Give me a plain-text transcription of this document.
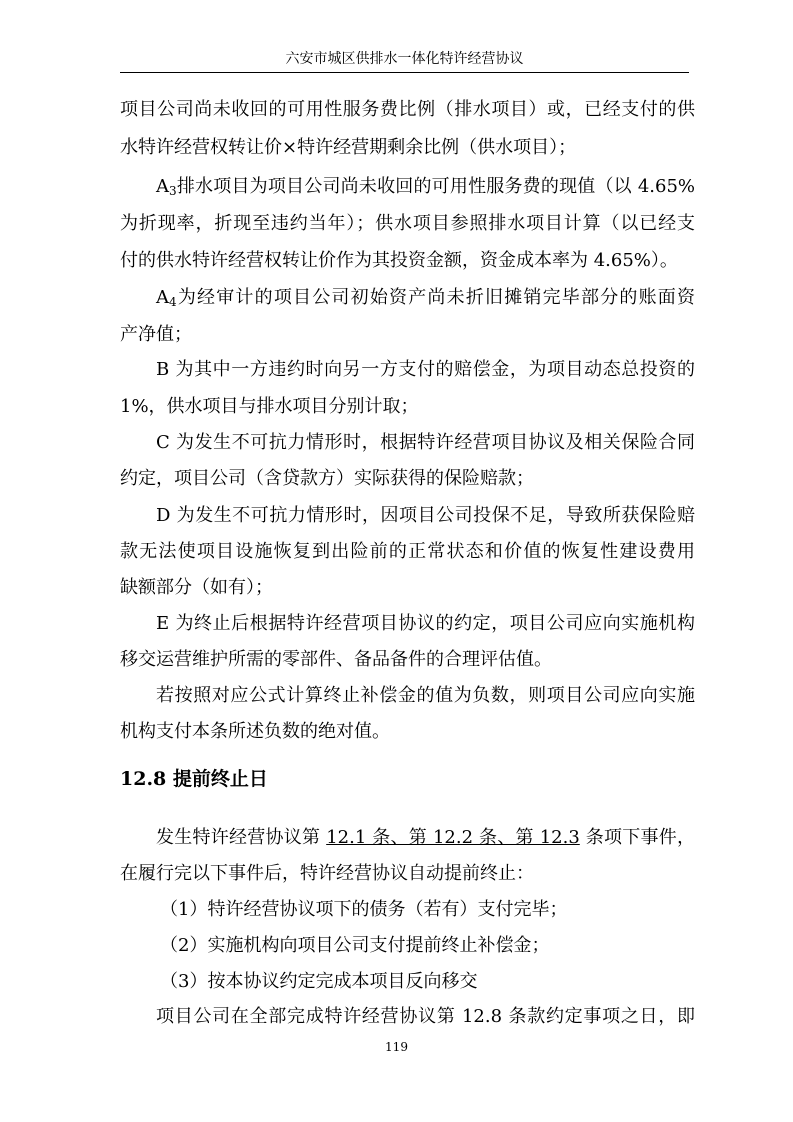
六安市城区供排水一体化特许经营协议
项目公司尚未收回的可用性服务费比例（排水项目）或，已经支付的供
水特许经营权转让价×特许经营期剩余比例（供水项目）；
$A_3$排水项目为项目公司尚未收回的可用性服务费的现值（以 4.65%
为折现率，折现至违约当年）；供水项目参照排水项目计算（以已经支
付的供水特许经营权转让价作为其投资金额，资金成本率为 4.65%）。
$A_4$为经审计的项目公司初始资产尚未折旧摊销完毕部分的账面资
产净值；
B 为其中一方违约时向另一方支付的赔偿金，为项目动态总投资的
1%，供水项目与排水项目分别计取；
C 为发生不可抗力情形时，根据特许经营项目协议及相关保险合同
约定，项目公司（含贷款方）实际获得的保险赔款；
D 为发生不可抗力情形时，因项目公司投保不足，导致所获保险赔
款无法使项目设施恢复到出险前的正常状态和价值的恢复性建设费用
缺额部分（如有）；
E 为终止后根据特许经营项目协议的约定，项目公司应向实施机构
移交运营维护所需的零部件、备品备件的合理评估值。
若按照对应公式计算终止补偿金的值为负数，则项目公司应向实施
机构支付本条所述负数的绝对值。
12.8 提前终止日
发生特许经营协议第 12.1 条、第 12.2 条、第 12.3 条项下事件，
在履行完以下事件后，特许经营协议自动提前终止：
（1）特许经营协议项下的债务（若有）支付完毕；
（2）实施机构向项目公司支付提前终止补偿金；
（3）按本协议约定完成本项目反向移交
项目公司在全部完成特许经营协议第 12.8 条款约定事项之日，即
119
